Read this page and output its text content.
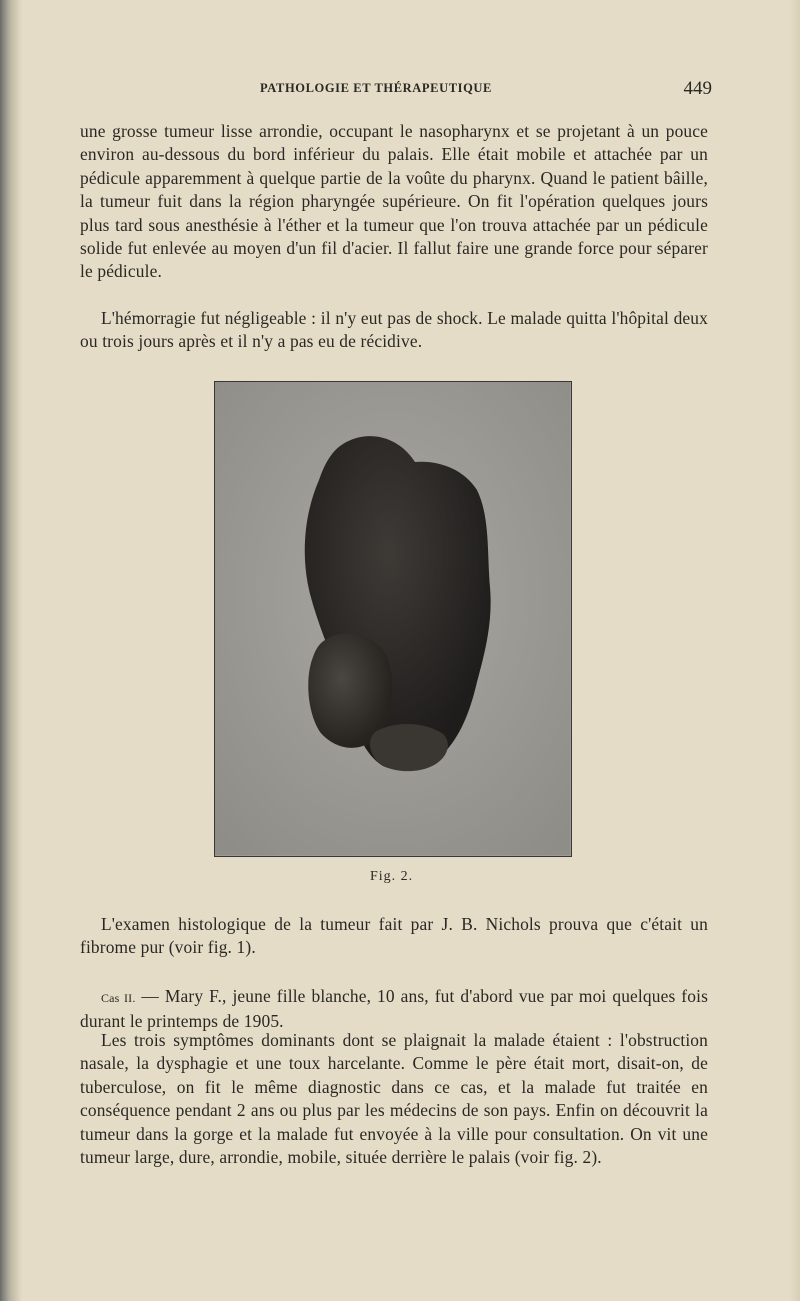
PATHOLOGIE ET THÉRAPEUTIQUE	449

une grosse tumeur lisse arrondie, occupant le nasopharynx et se projetant à un pouce environ au-dessous du bord inférieur du palais. Elle était mobile et attachée par un pédicule apparemment à quelque partie de la voûte du pharynx. Quand le patient bâille, la tumeur fuit dans la région pharyngée supérieure. On fit l'opération quelques jours plus tard sous anesthésie à l'éther et la tumeur que l'on trouva attachée par un pédicule solide fut enlevée au moyen d'un fil d'acier. Il fallut faire une grande force pour séparer le pédicule.

L'hémorragie fut négligeable : il n'y eut pas de shock. Le malade quitta l'hôpital deux ou trois jours après et il n'y a pas eu de récidive.

Fig. 2.

L'examen histologique de la tumeur fait par J. B. Nichols prouva que c'était un fibrome pur (voir fig. 1).

Cas II. — Mary F., jeune fille blanche, 10 ans, fut d'abord vue par moi quelques fois durant le printemps de 1905.

Les trois symptômes dominants dont se plaignait la malade étaient : l'obstruction nasale, la dysphagie et une toux harcelante. Comme le père était mort, disait-on, de tuberculose, on fit le même diagnostic dans ce cas, et la malade fut traitée en conséquence pendant 2 ans ou plus par les médecins de son pays. Enfin on découvrit la tumeur dans la gorge et la malade fut envoyée à la ville pour consultation. On vit une tumeur large, dure, arrondie, mobile, située derrière le palais (voir fig. 2).
